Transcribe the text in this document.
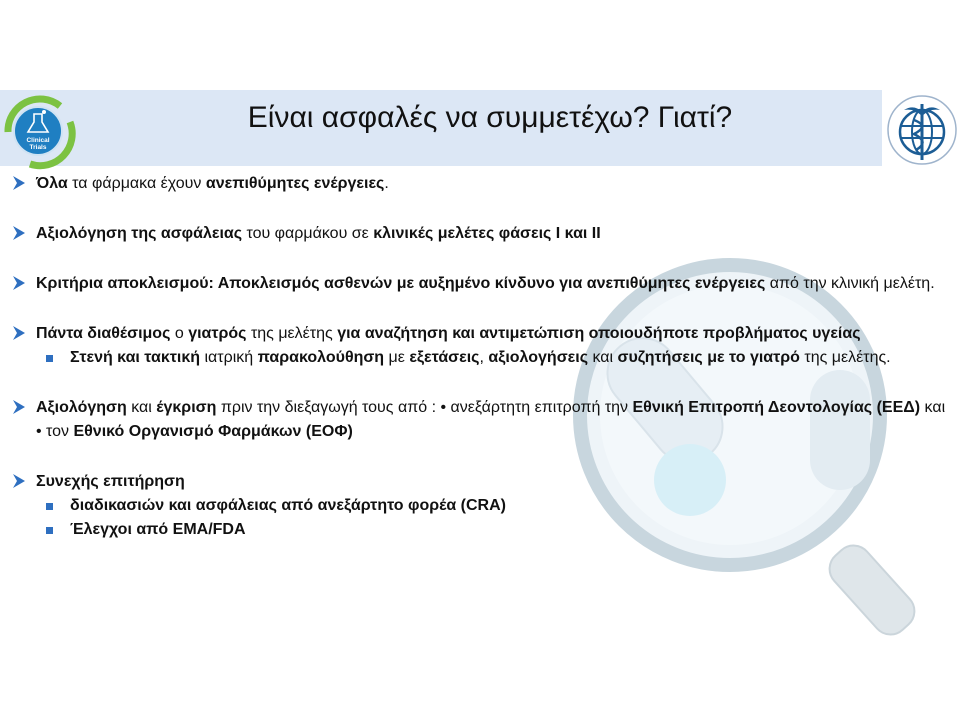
Είναι ασφαλές να συμμετέχω? Γιατί?
Clinical
Trials
Όλα τα φάρμακα έχουν ανεπιθύμητες ενέργειες.
Αξιολόγηση της ασφάλειας του φαρμάκου σε κλινικές μελέτες φάσεις Ι και ΙΙ
Κριτήρια αποκλεισμού: Αποκλεισμός ασθενών με αυξημένο κίνδυνο για ανεπιθύμητες ενέργειες από την κλινική μελέτη.
Πάντα διαθέσιμος ο γιατρός της μελέτης για αναζήτηση και αντιμετώπιση οποιουδήποτε προβλήματος υγείας
Στενή και τακτική ιατρική παρακολούθηση με εξετάσεις, αξιολογήσεις και συζητήσεις με το γιατρό της μελέτης.
Αξιολόγηση και έγκριση πριν την διεξαγωγή τους από : • ανεξάρτητη επιτροπή την Εθνική Επιτροπή Δεοντολογίας (ΕΕΔ) και • τον Εθνικό Οργανισμό Φαρμάκων (ΕΟΦ)
Συνεχής επιτήρηση
διαδικασιών και ασφάλειας από ανεξάρτητο φορέα (CRA)
Έλεγχοι από EMA/FDA
